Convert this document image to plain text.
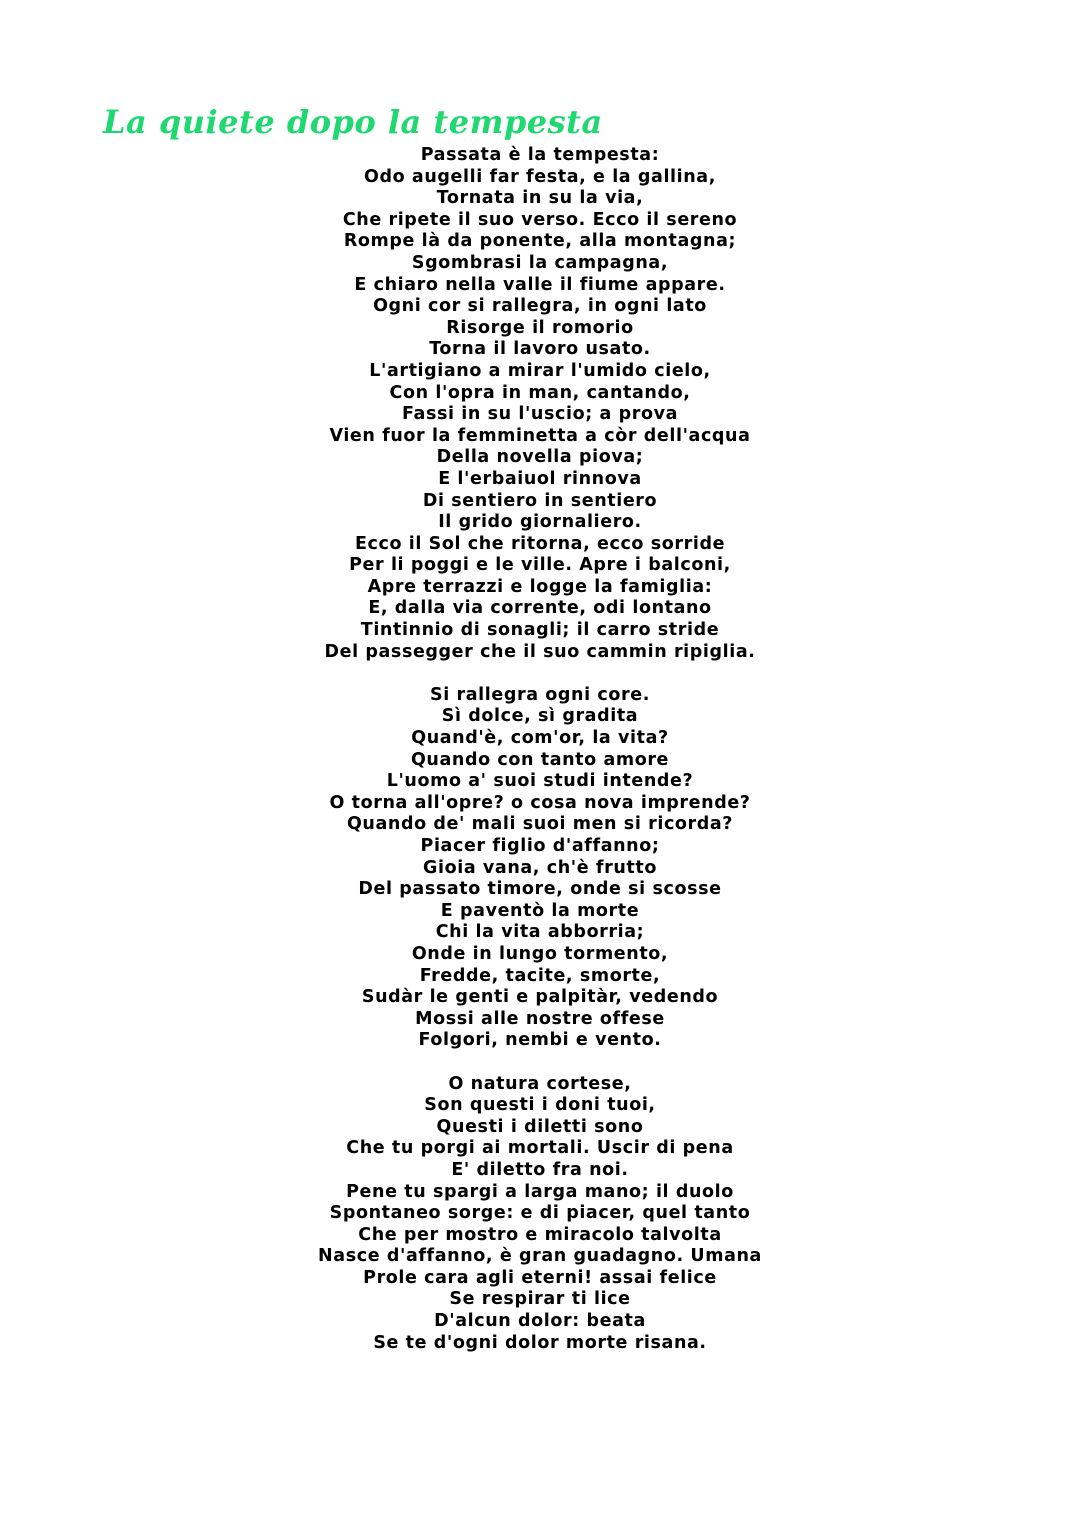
La quiete dopo la tempesta
Passata è la tempesta:
Odo augelli far festa, e la gallina,
Tornata in su la via,
Che ripete il suo verso. Ecco il sereno
Rompe là da ponente, alla montagna;
Sgombrasi la campagna,
E chiaro nella valle il fiume appare.
Ogni cor si rallegra, in ogni lato
Risorge il romorio
Torna il lavoro usato.
L'artigiano a mirar l'umido cielo,
Con l'opra in man, cantando,
Fassi in su l'uscio; a prova
Vien fuor la femminetta a còr dell'acqua
Della novella piova;
E l'erbaiuol rinnova
Di sentiero in sentiero
Il grido giornaliero.
Ecco il Sol che ritorna, ecco sorride
Per li poggi e le ville. Apre i balconi,
Apre terrazzi e logge la famiglia:
E, dalla via corrente, odi lontano
Tintinnio di sonagli; il carro stride
Del passegger che il suo cammin ripiglia.
Si rallegra ogni core.
Sì dolce, sì gradita
Quand'è, com'or, la vita?
Quando con tanto amore
L'uomo a' suoi studi intende?
O torna all'opre? o cosa nova imprende?
Quando de' mali suoi men si ricorda?
Piacer figlio d'affanno;
Gioia vana, ch'è frutto
Del passato timore, onde si scosse
E paventò la morte
Chi la vita abborria;
Onde in lungo tormento,
Fredde, tacite, smorte,
Sudàr le genti e palpitàr, vedendo
Mossi alle nostre offese
Folgori, nembi e vento.
O natura cortese,
Son questi i doni tuoi,
Questi i diletti sono
Che tu porgi ai mortali. Uscir di pena
E' diletto fra noi.
Pene tu spargi a larga mano; il duolo
Spontaneo sorge: e di piacer, quel tanto
Che per mostro e miracolo talvolta
Nasce d'affanno, è gran guadagno. Umana
Prole cara agli eterni! assai felice
Se respirar ti lice
D'alcun dolor: beata
Se te d'ogni dolor morte risana.
